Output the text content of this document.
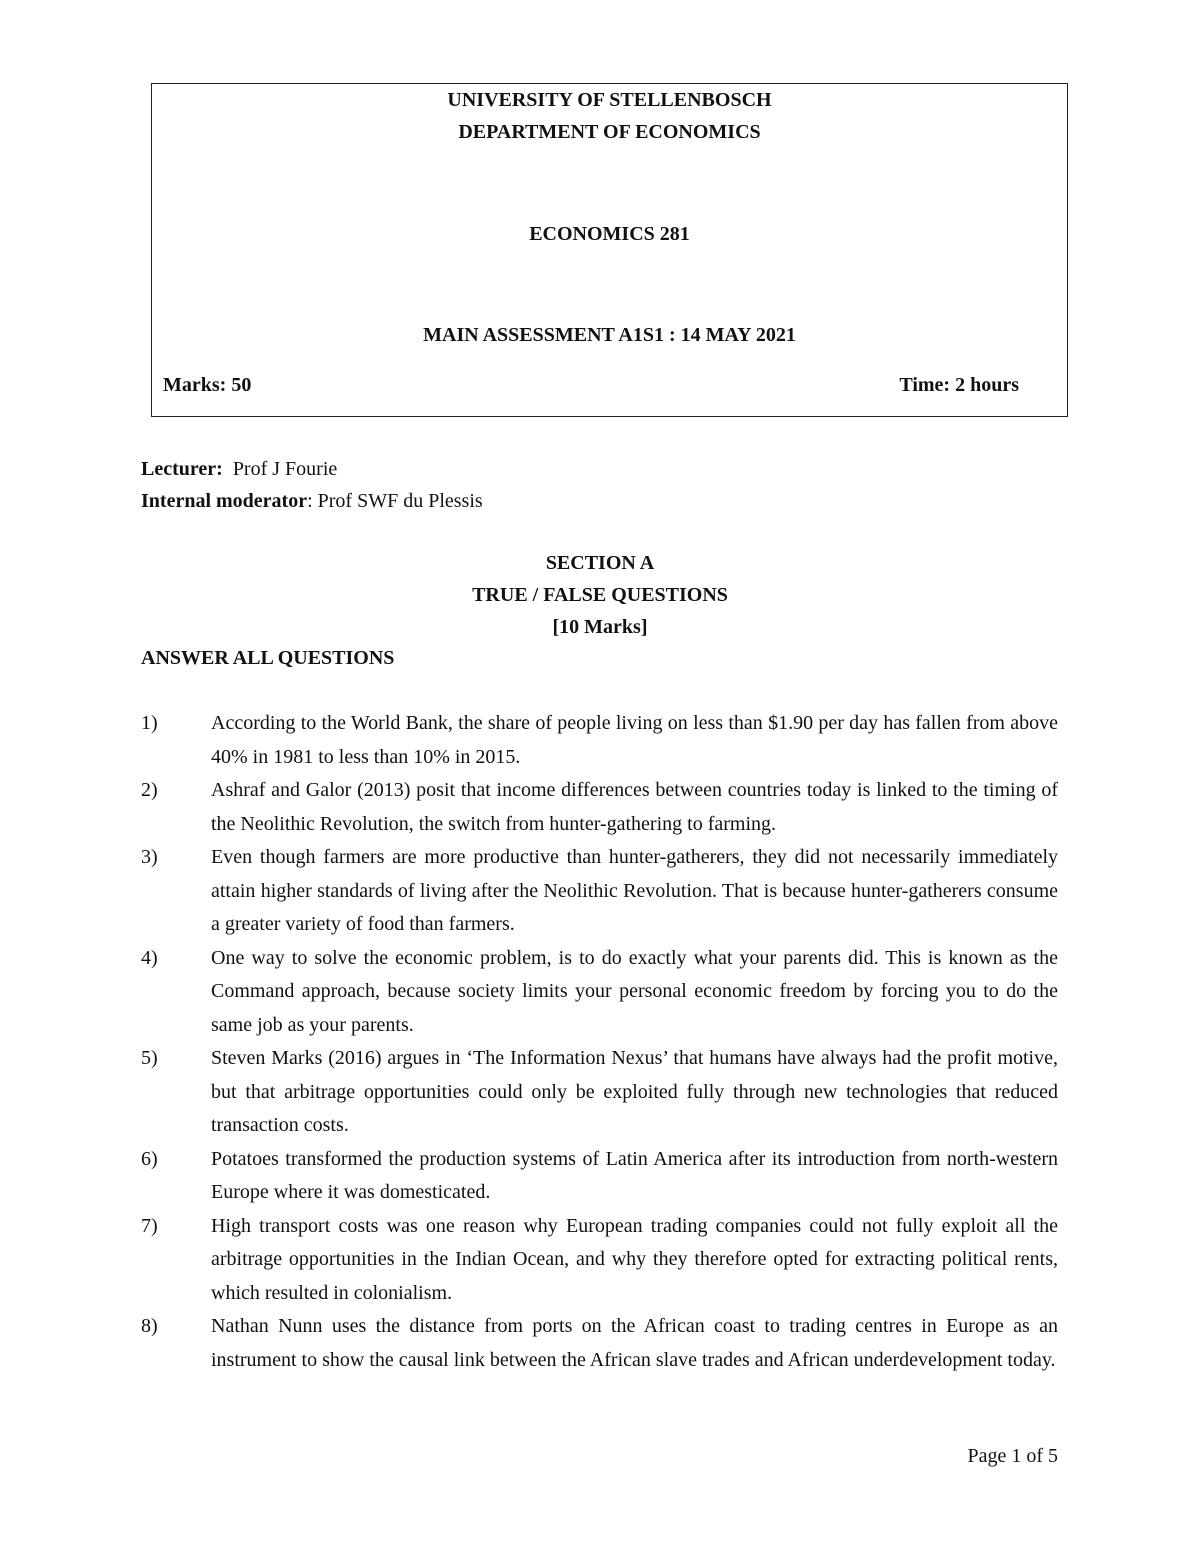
UNIVERSITY OF STELLENBOSCH
DEPARTMENT OF ECONOMICS
ECONOMICS 281
MAIN ASSESSMENT A1S1 : 14 MAY 2021
Marks: 50	Time: 2 hours
Lecturer: Prof J Fourie
Internal moderator: Prof SWF du Plessis
SECTION A
TRUE / FALSE QUESTIONS
[10 Marks]
ANSWER ALL QUESTIONS
1)	According to the World Bank, the share of people living on less than $1.90 per day has fallen from above 40% in 1981 to less than 10% in 2015.
2)	Ashraf and Galor (2013) posit that income differences between countries today is linked to the timing of the Neolithic Revolution, the switch from hunter-gathering to farming.
3)	Even though farmers are more productive than hunter-gatherers, they did not necessarily immediately attain higher standards of living after the Neolithic Revolution. That is because hunter-gatherers consume a greater variety of food than farmers.
4)	One way to solve the economic problem, is to do exactly what your parents did. This is known as the Command approach, because society limits your personal economic freedom by forcing you to do the same job as your parents.
5)	Steven Marks (2016) argues in ‘The Information Nexus’ that humans have always had the profit motive, but that arbitrage opportunities could only be exploited fully through new technologies that reduced transaction costs.
6)	Potatoes transformed the production systems of Latin America after its introduction from north-western Europe where it was domesticated.
7)	High transport costs was one reason why European trading companies could not fully exploit all the arbitrage opportunities in the Indian Ocean, and why they therefore opted for extracting political rents, which resulted in colonialism.
8)	Nathan Nunn uses the distance from ports on the African coast to trading centres in Europe as an instrument to show the causal link between the African slave trades and African underdevelopment today.
Page 1 of 5
